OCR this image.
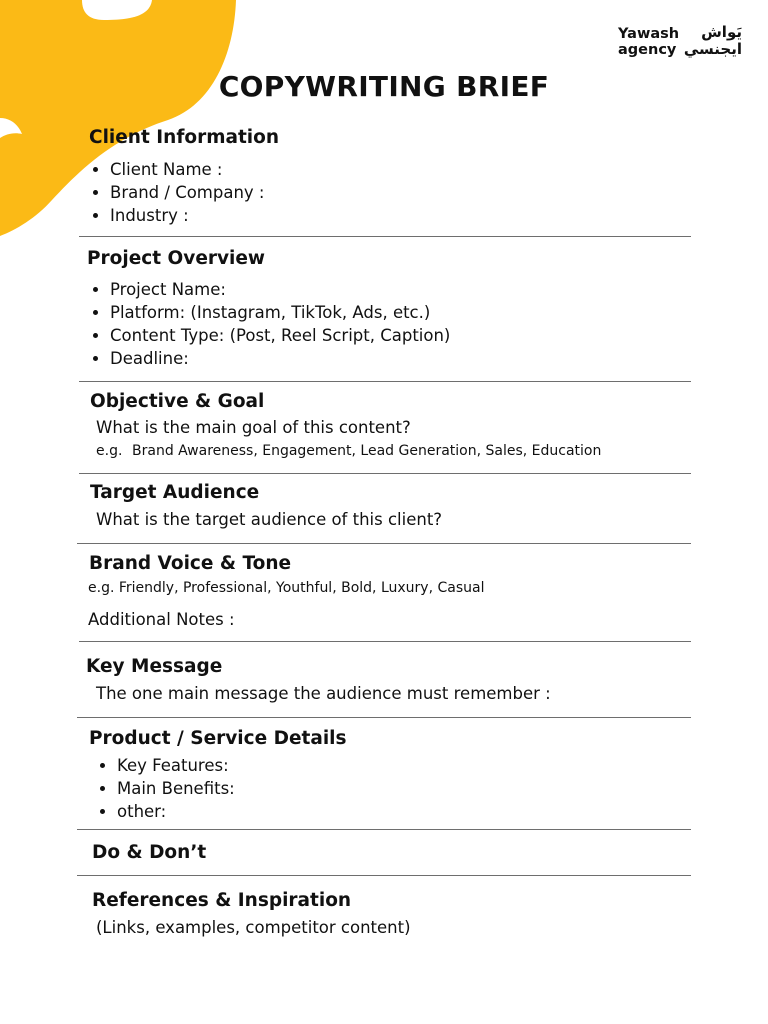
Yawash
agency
يَواش
ايجنسي
COPYWRITING BRIEF
Client Information
Client Name :
Brand / Company :
Industry :
Project Overview
Project Name:
Platform: (Instagram, TikTok, Ads, etc.)
Content Type: (Post, Reel Script, Caption)
Deadline:
Objective & Goal

What is the main goal of this content?

e.g. Brand Awareness, Engagement, Lead Generation, Sales, Education

Target Audience

What is the target audience of this client?

Brand Voice & Tone

e.g. Friendly, Professional, Youthful, Bold, Luxury, Casual

Additional Notes :

Key Message

The one main message the audience must remember :

Product / Service Details
Key Features:
Main Benefits:
other:
Do & Don’t
References & Inspiration

(Links, examples, competitor content)
